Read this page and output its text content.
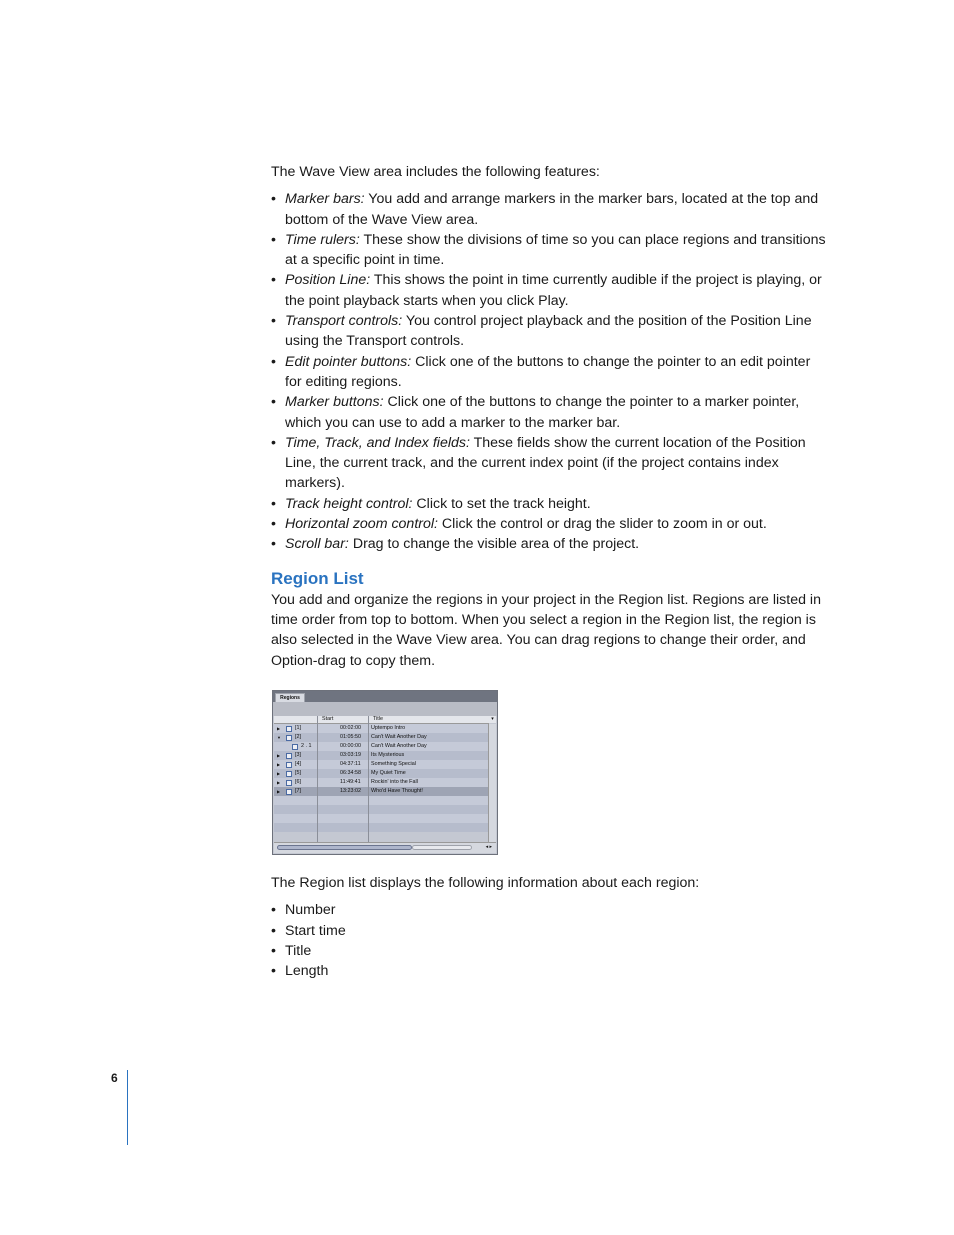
The Wave View area includes the following features:

• Marker bars: You add and arrange markers in the marker bars, located at the top and bottom of the Wave View area.
• Time rulers: These show the divisions of time so you can place regions and transitions at a specific point in time.
• Position Line: This shows the point in time currently audible if the project is playing, or the point playback starts when you click Play.
• Transport controls: You control project playback and the position of the Position Line using the Transport controls.
• Edit pointer buttons: Click one of the buttons to change the pointer to an edit pointer for editing regions.
• Marker buttons: Click one of the buttons to change the pointer to a marker pointer, which you can use to add a marker to the marker bar.
• Time, Track, and Index fields: These fields show the current location of the Position Line, the current track, and the current index point (if the project contains index markers).
• Track height control: Click to set the track height.
• Horizontal zoom control: Click the control or drag the slider to zoom in or out.
• Scroll bar: Drag to change the visible area of the project.
Region List

You add and organize the regions in your project in the Region list. Regions are listed in time order from top to bottom. When you select a region in the Region list, the region is also selected in the Wave View area. You can drag regions to change their order, and Option-drag to copy them.

Regions
Start	Title	▾
▶	[1]	00:02:00 Uptempo Intro
▼	[2]	01:05:50 Can't Wait Another Day
2 . 1	00:00:00 Can't Wait Another Day
▶	[3]	03:03:19 Its Mysterious
▶	[4]	04:37:11 Something Special
▶	[5]	06:34:58 My Quiet Time
▶	[6]	11:49:41 Rockin' into the Fall
▶	[7]	13:23:02 Who'd Have Thought!
◂ ▸

The Region list displays the following information about each region:

• Number
• Start time
• Title
• Length
6
